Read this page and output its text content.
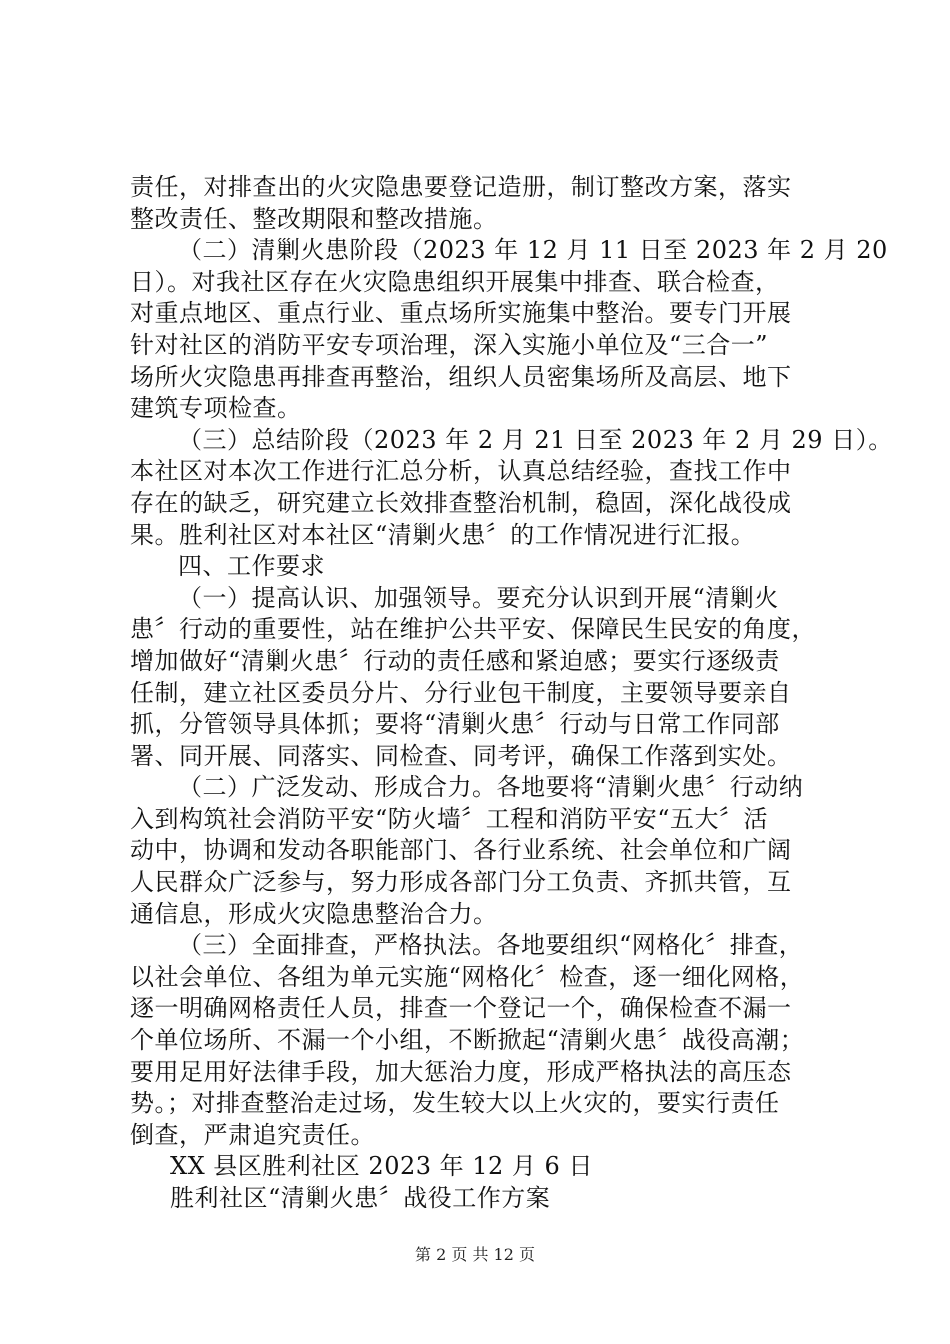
责任，对排查出的火灾隐患要登记造册，制订整改方案，落实
整改责任、整改期限和整改措施。
（二）清剿火患阶段（2023 年 12 月 11 日至 2023 年 2 月 20
日）。对我社区存在火灾隐患组织开展集中排查、联合检查，
对重点地区、重点行业、重点场所实施集中整治。要专门开展
针对社区的消防平安专项治理，深入实施小单位及“三合一”
场所火灾隐患再排查再整治，组织人员密集场所及高层、地下
建筑专项检查。
（三）总结阶段（2023 年 2 月 21 日至 2023 年 2 月 29 日）。
本社区对本次工作进行汇总分析，认真总结经验，查找工作中
存在的缺乏，研究建立长效排查整治机制，稳固，深化战役成
果。胜利社区对本社区“清剿火患〞的工作情况进行汇报。
四、工作要求
（一）提高认识、加强领导。要充分认识到开展“清剿火
患〞行动的重要性，站在维护公共平安、保障民生民安的角度，
增加做好“清剿火患〞行动的责任感和紧迫感；要实行逐级责
任制，建立社区委员分片、分行业包干制度，主要领导要亲自
抓，分管领导具体抓；要将“清剿火患〞行动与日常工作同部
署、同开展、同落实、同检查、同考评，确保工作落到实处。
（二）广泛发动、形成合力。各地要将“清剿火患〞行动纳
入到构筑社会消防平安“防火墙〞工程和消防平安“五大〞活
动中，协调和发动各职能部门、各行业系统、社会单位和广阔
人民群众广泛参与，努力形成各部门分工负责、齐抓共管，互
通信息，形成火灾隐患整治合力。
（三）全面排查，严格执法。各地要组织“网格化〞排查，
以社会单位、各组为单元实施“网格化〞检查，逐一细化网格，
逐一明确网格责任人员，排查一个登记一个，确保检查不漏一
个单位场所、不漏一个小组，不断掀起“清剿火患〞战役高潮；
要用足用好法律手段，加大惩治力度，形成严格执法的高压态
势。；对排查整治走过场，发生较大以上火灾的，要实行责任
倒查，严肃追究责任。
XX 县区胜利社区 2023 年 12 月 6 日
胜利社区“清剿火患〞战役工作方案
第 2 页 共 12 页
